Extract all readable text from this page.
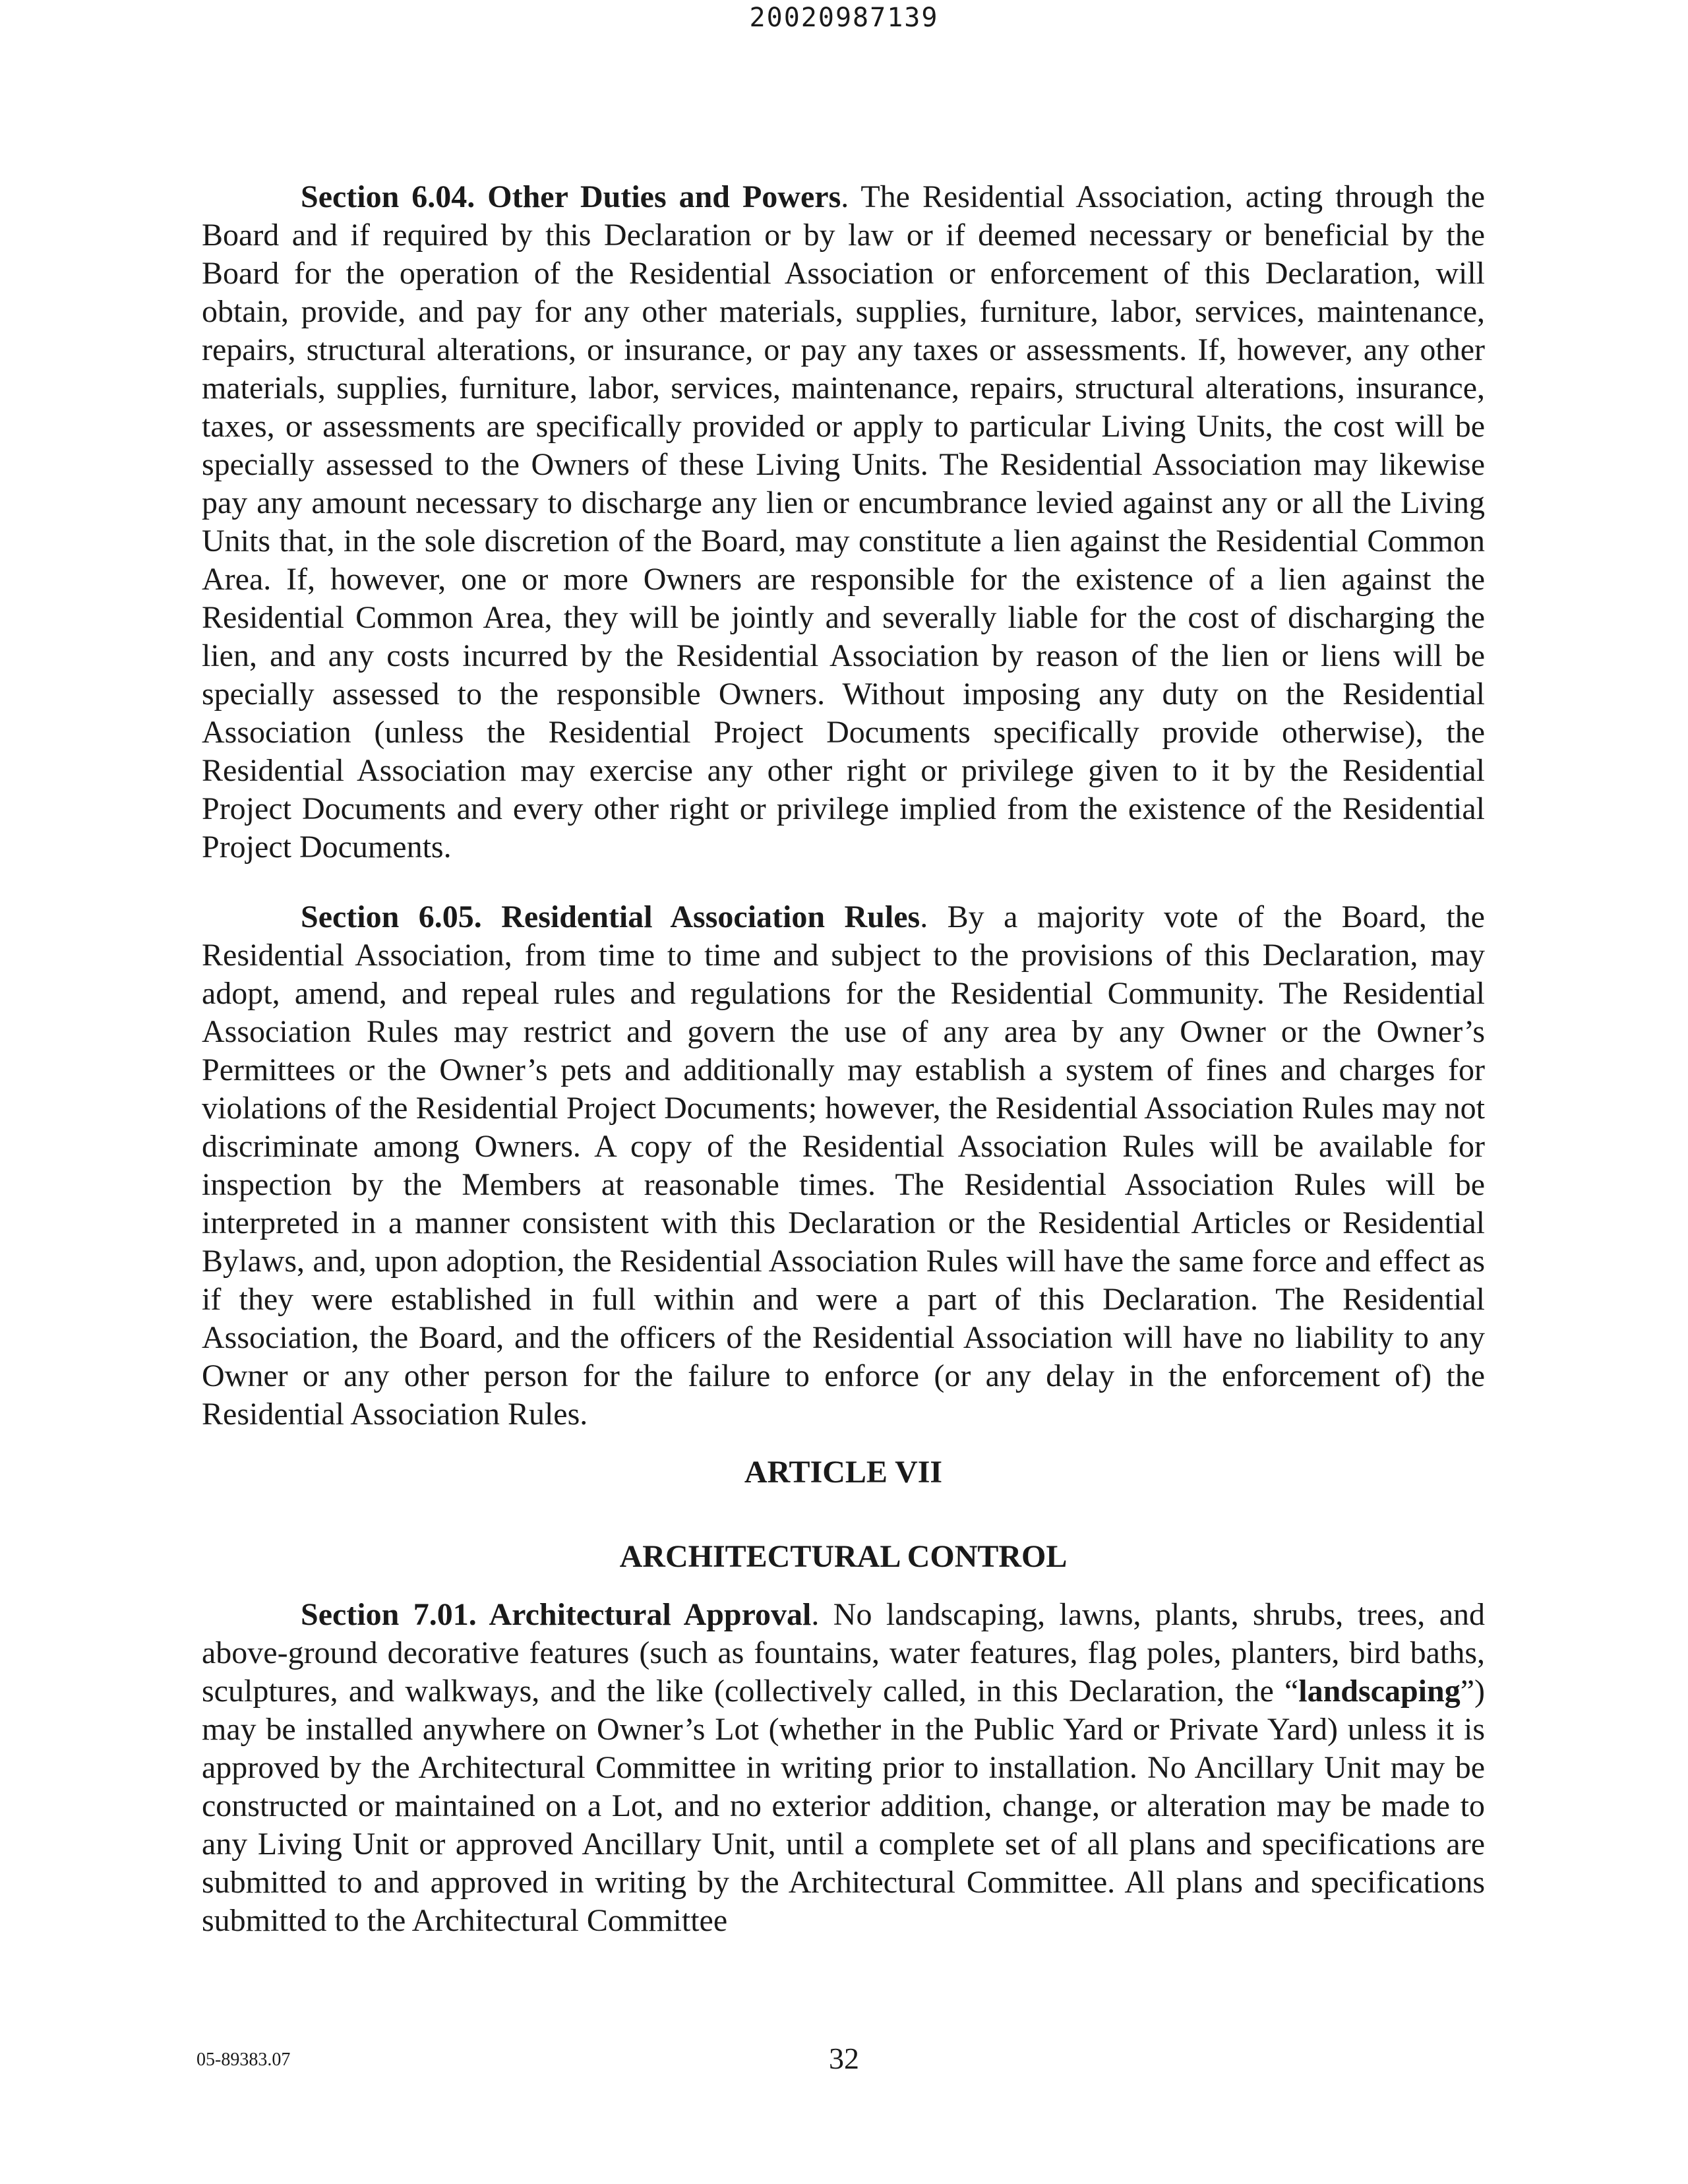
20020987139

Section 6.04. Other Duties and Powers. The Residential Association, acting through the Board and if required by this Declaration or by law or if deemed necessary or beneficial by the Board for the operation of the Residential Association or enforcement of this Declaration, will obtain, provide, and pay for any other materials, supplies, furniture, labor, services, maintenance, repairs, structural alterations, or insurance, or pay any taxes or assessments. If, however, any other materials, supplies, furniture, labor, services, maintenance, repairs, structural alterations, insurance, taxes, or assessments are specifically provided or apply to particular Living Units, the cost will be specially assessed to the Owners of these Living Units. The Residential Association may likewise pay any amount necessary to discharge any lien or encumbrance levied against any or all the Living Units that, in the sole discretion of the Board, may constitute a lien against the Residential Common Area. If, however, one or more Owners are responsible for the existence of a lien against the Residential Common Area, they will be jointly and severally liable for the cost of discharging the lien, and any costs incurred by the Residential Association by reason of the lien or liens will be specially assessed to the responsible Owners. Without imposing any duty on the Residential Association (unless the Residential Project Documents specifically provide otherwise), the Residential Association may exercise any other right or privilege given to it by the Residential Project Documents and every other right or privilege implied from the existence of the Residential Project Documents.

Section 6.05. Residential Association Rules. By a majority vote of the Board, the Residential Association, from time to time and subject to the provisions of this Declaration, may adopt, amend, and repeal rules and regulations for the Residential Community. The Residential Association Rules may restrict and govern the use of any area by any Owner or the Owner’s Permittees or the Owner’s pets and additionally may establish a system of fines and charges for violations of the Residential Project Documents; however, the Residential Association Rules may not discriminate among Owners. A copy of the Residential Association Rules will be available for inspection by the Members at reasonable times. The Residential Association Rules will be interpreted in a manner consistent with this Declaration or the Residential Articles or Residential Bylaws, and, upon adoption, the Residential Association Rules will have the same force and effect as if they were established in full within and were a part of this Declaration. The Residential Association, the Board, and the officers of the Residential Association will have no liability to any Owner or any other person for the failure to enforce (or any delay in the enforcement of) the Residential Association Rules.

ARTICLE VII

ARCHITECTURAL CONTROL

Section 7.01. Architectural Approval. No landscaping, lawns, plants, shrubs, trees, and above-ground decorative features (such as fountains, water features, flag poles, planters, bird baths, sculptures, and walkways, and the like (collectively called, in this Declaration, the “landscaping”) may be installed anywhere on Owner’s Lot (whether in the Public Yard or Private Yard) unless it is approved by the Architectural Committee in writing prior to installation. No Ancillary Unit may be constructed or maintained on a Lot, and no exterior addition, change, or alteration may be made to any Living Unit or approved Ancillary Unit, until a complete set of all plans and specifications are submitted to and approved in writing by the Architectural Committee. All plans and specifications submitted to the Architectural Committee

05-89383.07	32
